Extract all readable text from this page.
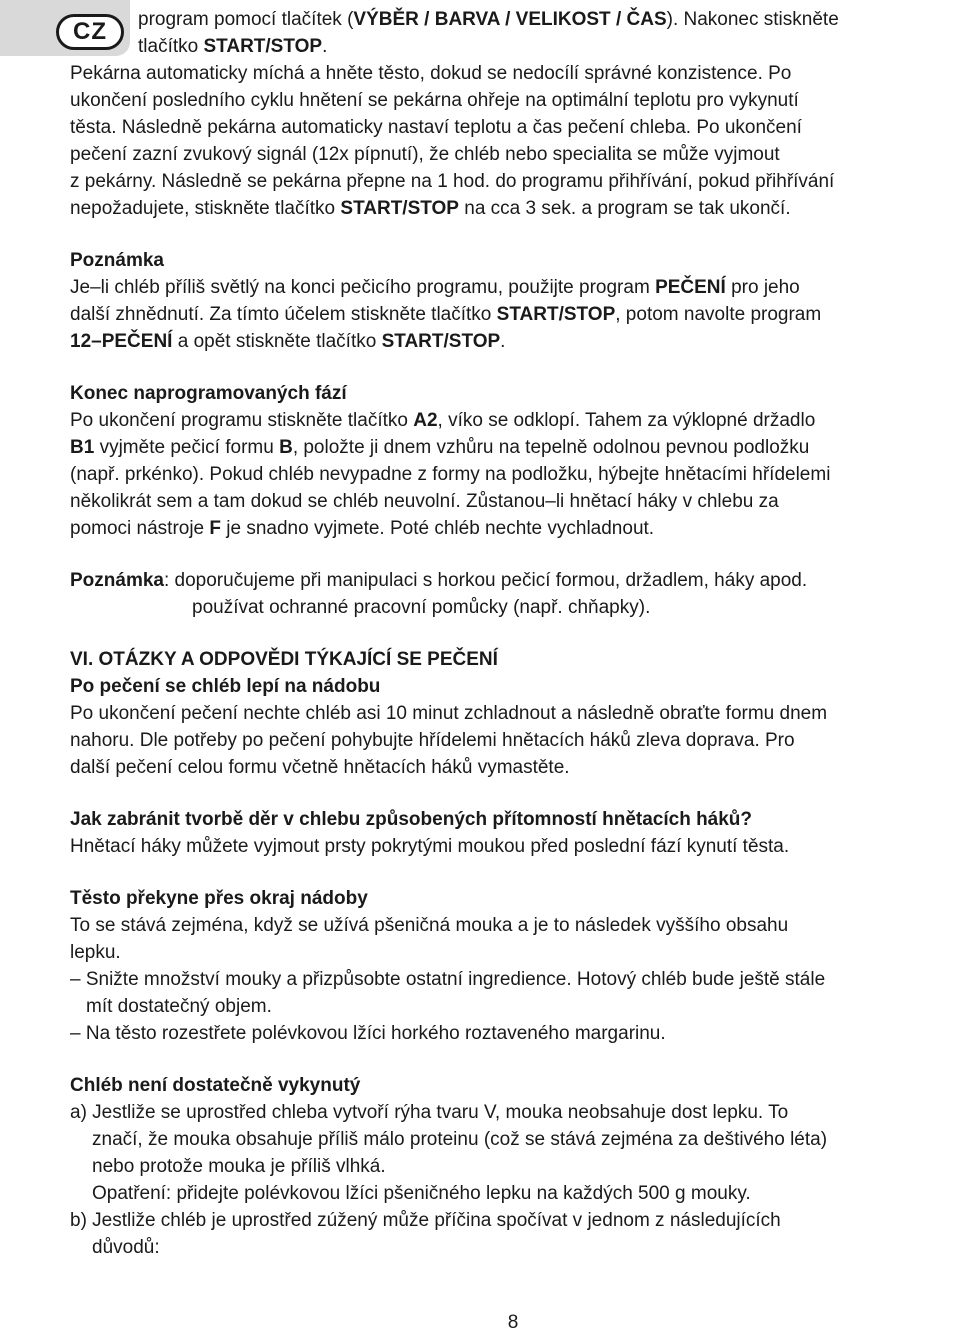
CZ	program pomocí tlačítek (VÝBĚR / BARVA / VELIKOST / ČAS). Nakonec stiskněte
tlačítko START/STOP.

Pekárna automaticky míchá a hněte těsto, dokud se nedocílí správné konzistence. Po
ukončení posledního cyklu hnětení se pekárna ohřeje na optimální teplotu pro vykynutí
těsta. Následně pekárna automaticky nastaví teplotu a čas pečení chleba. Po ukončení
pečení zazní zvukový signál (12x pípnutí), že chléb nebo specialita se může vyjmout
z pekárny. Následně se pekárna přepne na 1 hod. do programu přihřívání, pokud přihřívání
nepožadujete, stiskněte tlačítko START/STOP na cca 3 sek. a program se tak ukončí.

Poznámka
Je–li chléb příliš světlý na konci pečicího programu, použijte program PEČENÍ pro jeho
další zhnědnutí. Za tímto účelem stiskněte tlačítko START/STOP, potom navolte program
12–PEČENÍ a opět stiskněte tlačítko START/STOP.

Konec naprogramovaných fází
Po ukončení programu stiskněte tlačítko A2, víko se odklopí. Tahem za výklopné držadlo
B1 vyjměte pečicí formu B, položte ji dnem vzhůru na tepelně odolnou pevnou podložku
(např. prkénko). Pokud chléb nevypadne z formy na podložku, hýbejte hnětacími hřídelemi
několikrát sem a tam dokud se chléb neuvolní. Zůstanou–li hnětací háky v chlebu za
pomoci nástroje F je snadno vyjmete. Poté chléb nechte vychladnout.

Poznámka: doporučujeme při manipulaci s horkou pečicí formou, držadlem, háky apod.
používat ochranné pracovní pomůcky (např. chňapky).

VI. OTÁZKY A ODPOVĚDI TÝKAJÍCÍ SE PEČENÍ
Po pečení se chléb lepí na nádobu
Po ukončení pečení nechte chléb asi 10 minut zchladnout a následně obraťte formu dnem
nahoru. Dle potřeby po pečení pohybujte hřídelemi hnětacích háků zleva doprava. Pro
další pečení celou formu včetně hnětacích háků vymastěte.

Jak zabránit tvorbě děr v chlebu způsobených přítomností hnětacích háků?
Hnětací háky můžete vyjmout prsty pokrytými moukou před poslední fází kynutí těsta.

Těsto překyne přes okraj nádoby
To se stává zejména, když se užívá pšeničná mouka a je to následek vyššího obsahu
lepku.

– Snižte množství mouky a přizpůsobte ostatní ingredience. Hotový chléb bude ještě stále
mít dostatečný objem.

– Na těsto rozestřete polévkovou lžíci horkého roztaveného margarinu.

Chléb není dostatečně vykynutý

a) Jestliže se uprostřed chleba vytvoří rýha tvaru V, mouka neobsahuje dost lepku. To
značí, že mouka obsahuje příliš málo proteinu (což se stává zejména za deštivého léta)
nebo protože mouka je příliš vlhká.

Opatření: přidejte polévkovou lžíci pšeničného lepku na každých 500 g mouky.

b) Jestliže chléb je uprostřed zúžený může příčina spočívat v jednom z následujících
důvodů:

8
